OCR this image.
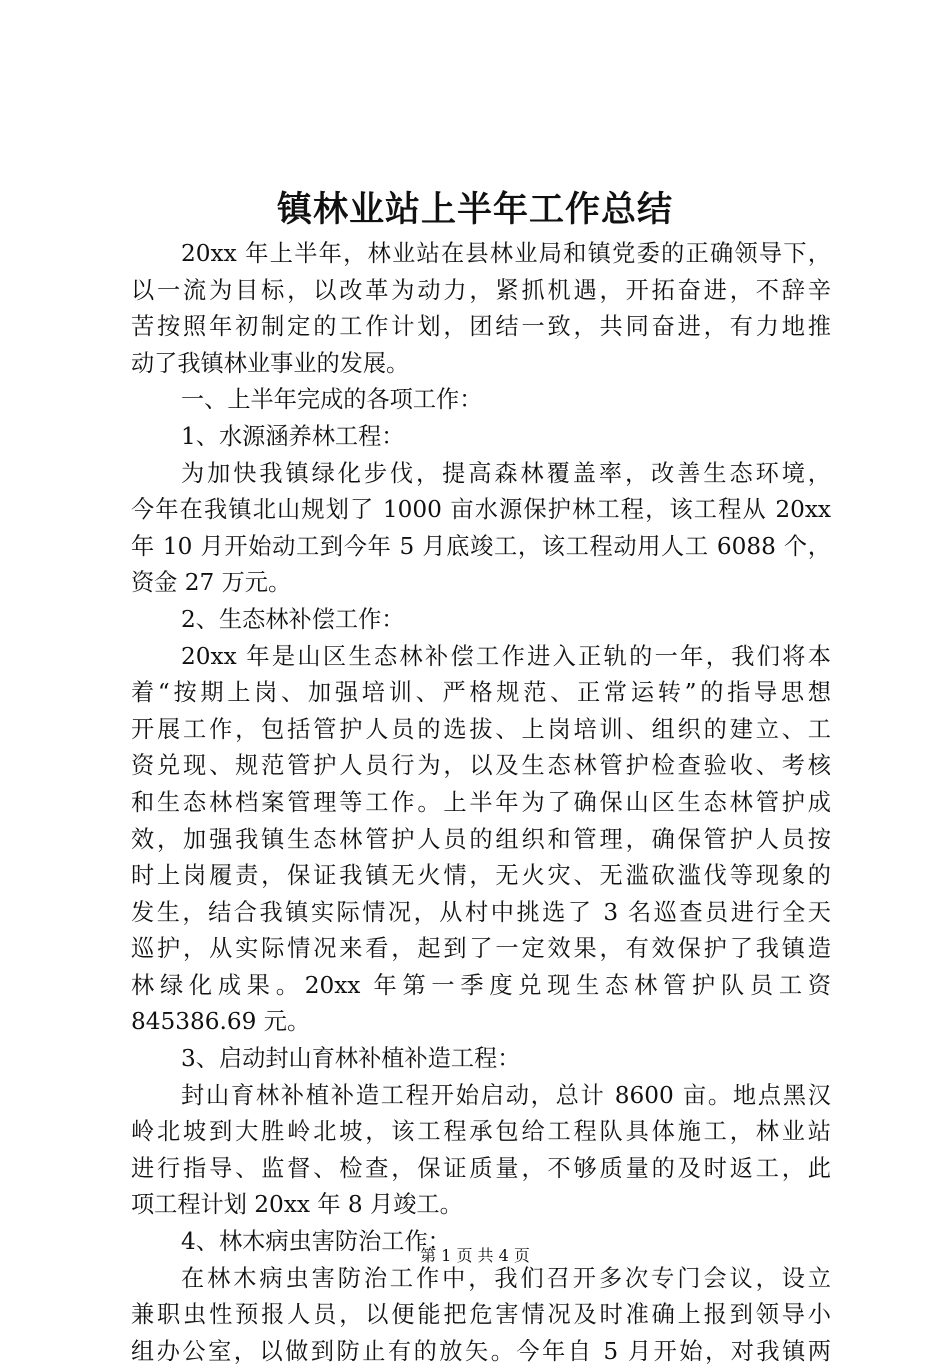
镇林业站上半年工作总结
20xx 年上半年，林业站在县林业局和镇党委的正确领导下，
以一流为目标，以改革为动力，紧抓机遇，开拓奋进，不辞辛
苦按照年初制定的工作计划，团结一致，共同奋进，有力地推
动了我镇林业事业的发展。
一、上半年完成的各项工作：
1、水源涵养林工程：
为加快我镇绿化步伐，提高森林覆盖率，改善生态环境，
今年在我镇北山规划了 1000 亩水源保护林工程，该工程从 20xx
年 10 月开始动工到今年 5 月底竣工，该工程动用人工 6088 个，
资金 27 万元。
2、生态林补偿工作：
20xx 年是山区生态林补偿工作进入正轨的一年，我们将本
着“按期上岗、加强培训、严格规范、正常运转”的指导思想
开展工作，包括管护人员的选拔、上岗培训、组织的建立、工
资兑现、规范管护人员行为，以及生态林管护检查验收、考核
和生态林档案管理等工作。上半年为了确保山区生态林管护成
效，加强我镇生态林管护人员的组织和管理，确保管护人员按
时上岗履责，保证我镇无火情，无火灾、无滥砍滥伐等现象的
发生，结合我镇实际情况，从村中挑选了 3 名巡查员进行全天
巡护，从实际情况来看，起到了一定效果，有效保护了我镇造
林绿化成果。20xx 年第一季度兑现生态林管护队员工资
845386.69 元。
3、启动封山育林补植补造工程：
封山育林补植补造工程开始启动，总计 8600 亩。地点黑汉
岭北坡到大胜岭北坡，该工程承包给工程队具体施工，林业站
进行指导、监督、检查，保证质量，不够质量的及时返工，此
项工程计划 20xx 年 8 月竣工。
4、林木病虫害防治工作：
在林木病虫害防治工作中，我们召开多次专门会议，设立
兼职虫性预报人员，以便能把危害情况及时准确上报到领导小
组办公室，以做到防止有的放矢。今年自 5 月开始，对我镇两
第 1 页 共 4 页
